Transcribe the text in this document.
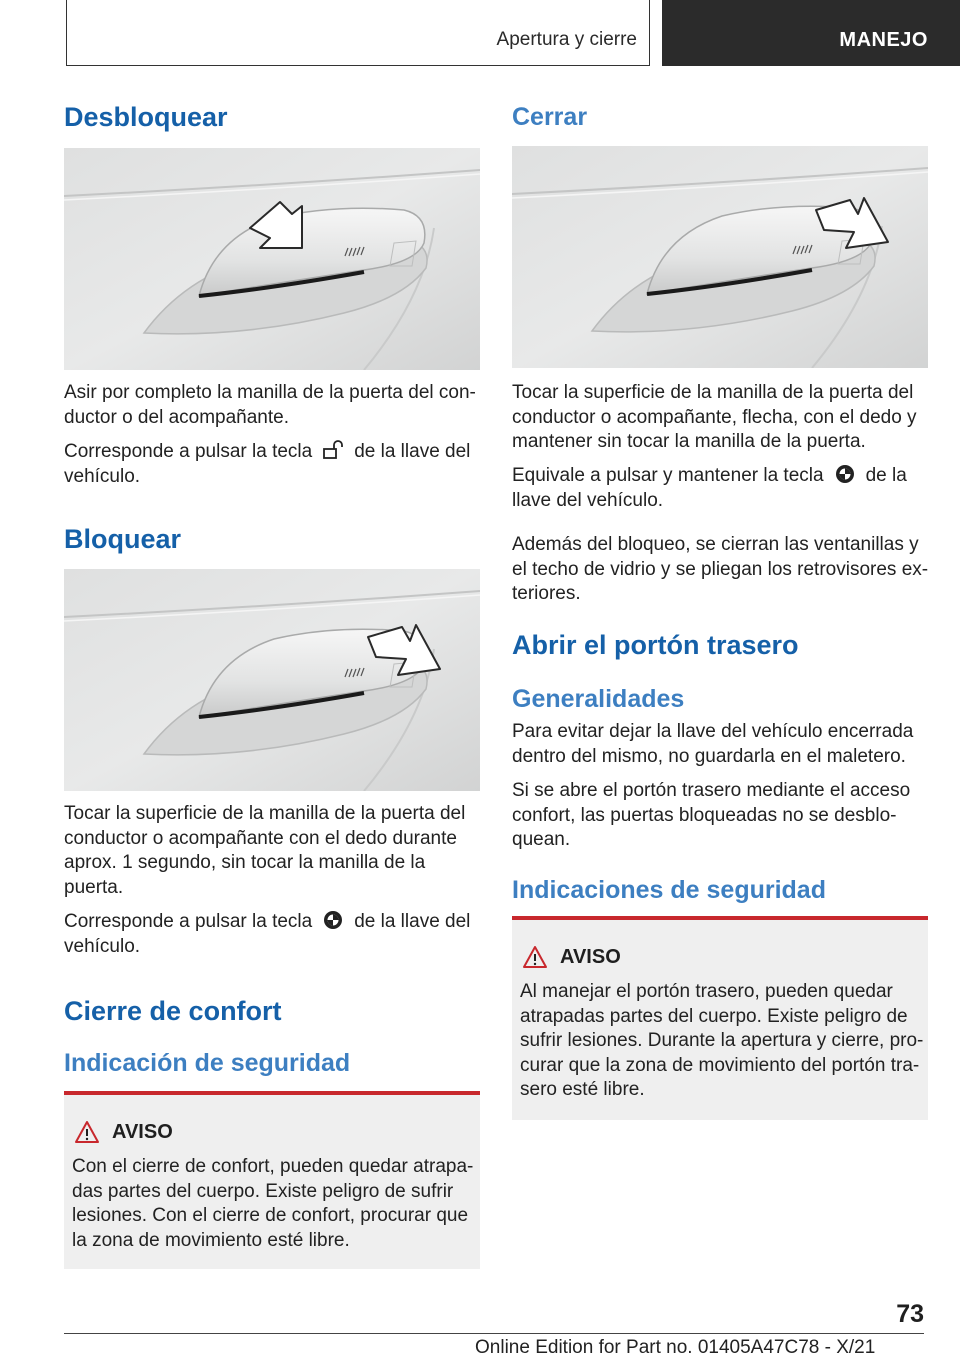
Apertura y cierre	MANEJO
Desbloquear
Asir por completo la manilla de la puerta del con-ductor o del acompañante.
Corresponde a pulsar la tecla de la llave del vehículo.
Bloquear
Tocar la superficie de la manilla de la puerta del conductor o acompañante con el dedo durante aprox. 1 segundo, sin tocar la manilla de la puerta.
Corresponde a pulsar la tecla de la llave del vehículo.
Cierre de confort
Indicación de seguridad
AVISO
Con el cierre de confort, pueden quedar atrapa-das partes del cuerpo. Existe peligro de sufrir lesiones. Con el cierre de confort, procurar que la zona de movimiento esté libre.
Cerrar
Tocar la superficie de la manilla de la puerta del conductor o acompañante, flecha, con el dedo y mantener sin tocar la manilla de la puerta.
Equivale a pulsar y mantener la tecla de la llave del vehículo.
Además del bloqueo, se cierran las ventanillas y el techo de vidrio y se pliegan los retrovisores ex-teriores.
Abrir el portón trasero
Generalidades
Para evitar dejar la llave del vehículo encerrada dentro del mismo, no guardarla en el maletero.
Si se abre el portón trasero mediante el acceso confort, las puertas bloqueadas no se desblo-quean.
Indicaciones de seguridad
AVISO
Al manejar el portón trasero, pueden quedar atrapadas partes del cuerpo. Existe peligro de sufrir lesiones. Durante la apertura y cierre, pro-curar que la zona de movimiento del portón tra-sero esté libre.
73
Online Edition for Part no. 01405A47C78 - X/21
